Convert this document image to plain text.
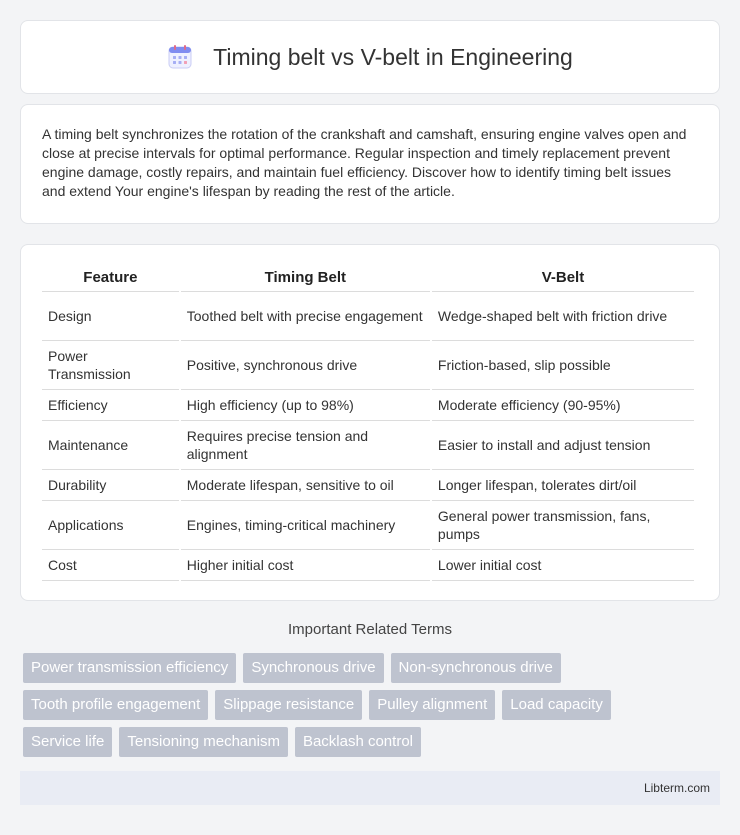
Timing belt vs V-belt in Engineering

A timing belt synchronizes the rotation of the crankshaft and camshaft, ensuring engine valves open and close at precise intervals for optimal performance. Regular inspection and timely replacement prevent engine damage, costly repairs, and maintain fuel efficiency. Discover how to identify timing belt issues and extend Your engine's lifespan by reading the rest of the article.

Feature	Timing Belt	V-Belt
Design	Toothed belt with precise engagement	Wedge-shaped belt with friction drive
Power Transmission	Positive, synchronous drive	Friction-based, slip possible
Efficiency	High efficiency (up to 98%)	Moderate efficiency (90-95%)
Maintenance	Requires precise tension and alignment	Easier to install and adjust tension
Durability	Moderate lifespan, sensitive to oil	Longer lifespan, tolerates dirt/oil
Applications	Engines, timing-critical machinery	General power transmission, fans, pumps
Cost	Higher initial cost	Lower initial cost
Important Related Terms
Power transmission efficiency	Synchronous drive	Non-synchronous drive
Tooth profile engagement	Slippage resistance	Pulley alignment	Load capacity
Service life	Tensioning mechanism	Backlash control
Libterm.com
